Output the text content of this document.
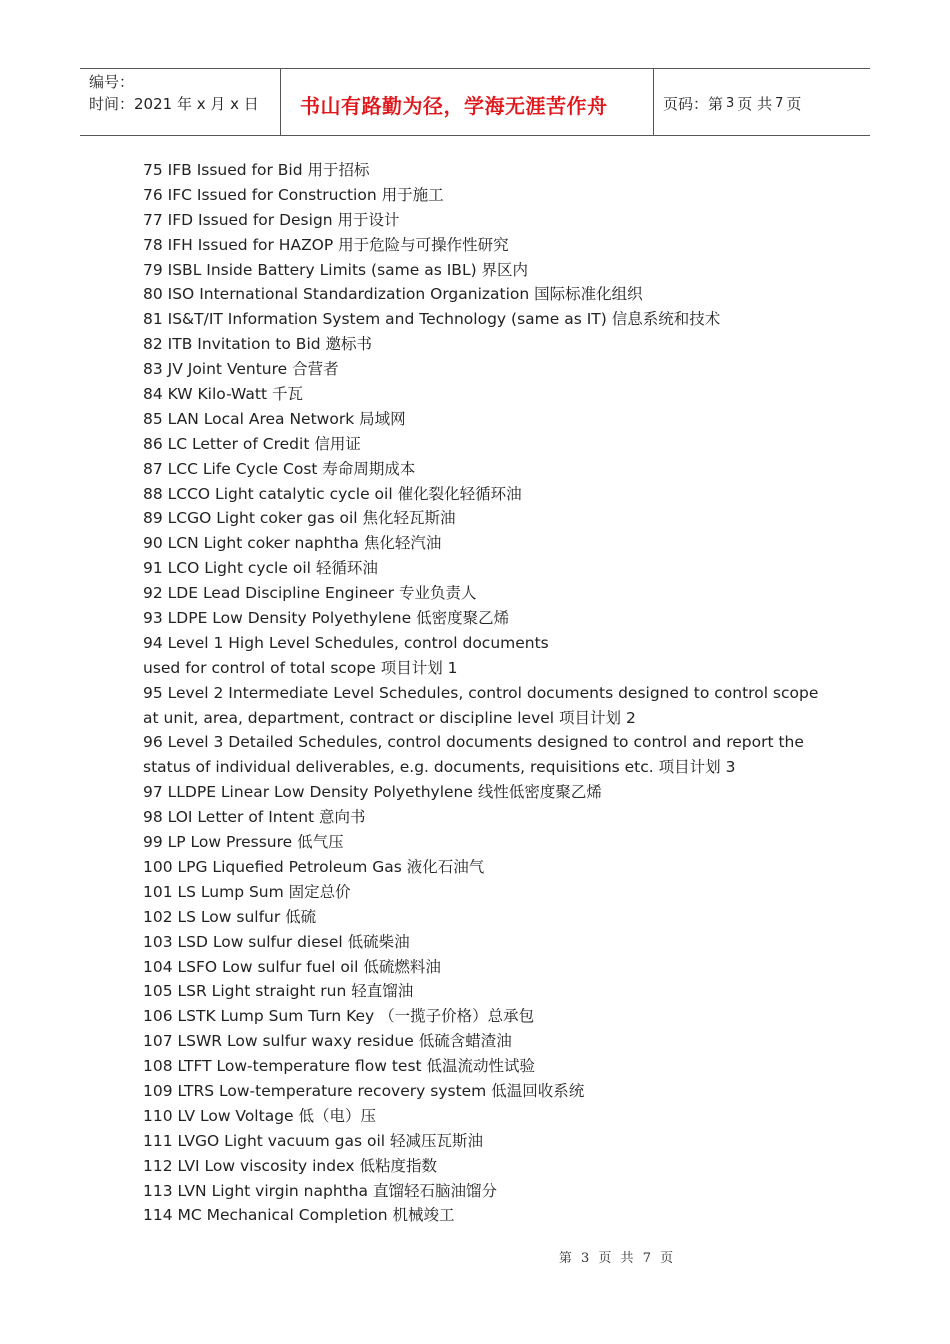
编号：
时间：2021 年 x 月 x 日	书山有路勤为径，学海无涯苦作舟	页码：第 3 页 共 7 页
75 IFB Issued for Bid 用于招标
76 IFC Issued for Construction 用于施工
77 IFD Issued for Design 用于设计
78 IFH Issued for HAZOP 用于危险与可操作性研究
79 ISBL Inside Battery Limits (same as IBL) 界区内
80 ISO International Standardization Organization 国际标准化组织
81 IS&T/IT Information System and Technology (same as IT) 信息系统和技术
82 ITB Invitation to Bid 邀标书
83 JV Joint Venture 合营者
84 KW Kilo-Watt 千瓦
85 LAN Local Area Network 局域网
86 LC Letter of Credit 信用证
87 LCC Life Cycle Cost 寿命周期成本
88 LCCO Light catalytic cycle oil 催化裂化轻循环油
89 LCGO Light coker gas oil 焦化轻瓦斯油
90 LCN Light coker naphtha 焦化轻汽油
91 LCO Light cycle oil 轻循环油
92 LDE Lead Discipline Engineer 专业负责人
93 LDPE Low Density Polyethylene 低密度聚乙烯
94 Level 1 High Level Schedules, control documents
used for control of total scope 项目计划 1
95 Level 2 Intermediate Level Schedules, control documents designed to control scope
at unit, area, department, contract or discipline level 项目计划 2
96 Level 3 Detailed Schedules, control documents designed to control and report the
status of individual deliverables, e.g. documents, requisitions etc. 项目计划 3
97 LLDPE Linear Low Density Polyethylene 线性低密度聚乙烯
98 LOI Letter of Intent 意向书
99 LP Low Pressure 低气压
100 LPG Liquefied Petroleum Gas 液化石油气
101 LS Lump Sum 固定总价
102 LS Low sulfur 低硫
103 LSD Low sulfur diesel 低硫柴油
104 LSFO Low sulfur fuel oil 低硫燃料油
105 LSR Light straight run 轻直馏油
106 LSTK Lump Sum Turn Key （一揽子价格）总承包
107 LSWR Low sulfur waxy residue 低硫含蜡渣油
108 LTFT Low-temperature flow test 低温流动性试验
109 LTRS Low-temperature recovery system 低温回收系统
110 LV Low Voltage 低（电）压
111 LVGO Light vacuum gas oil 轻减压瓦斯油
112 LVI Low viscosity index 低粘度指数
113 LVN Light virgin naphtha 直馏轻石脑油馏分
114 MC Mechanical Completion 机械竣工
第 3 页 共 7 页
